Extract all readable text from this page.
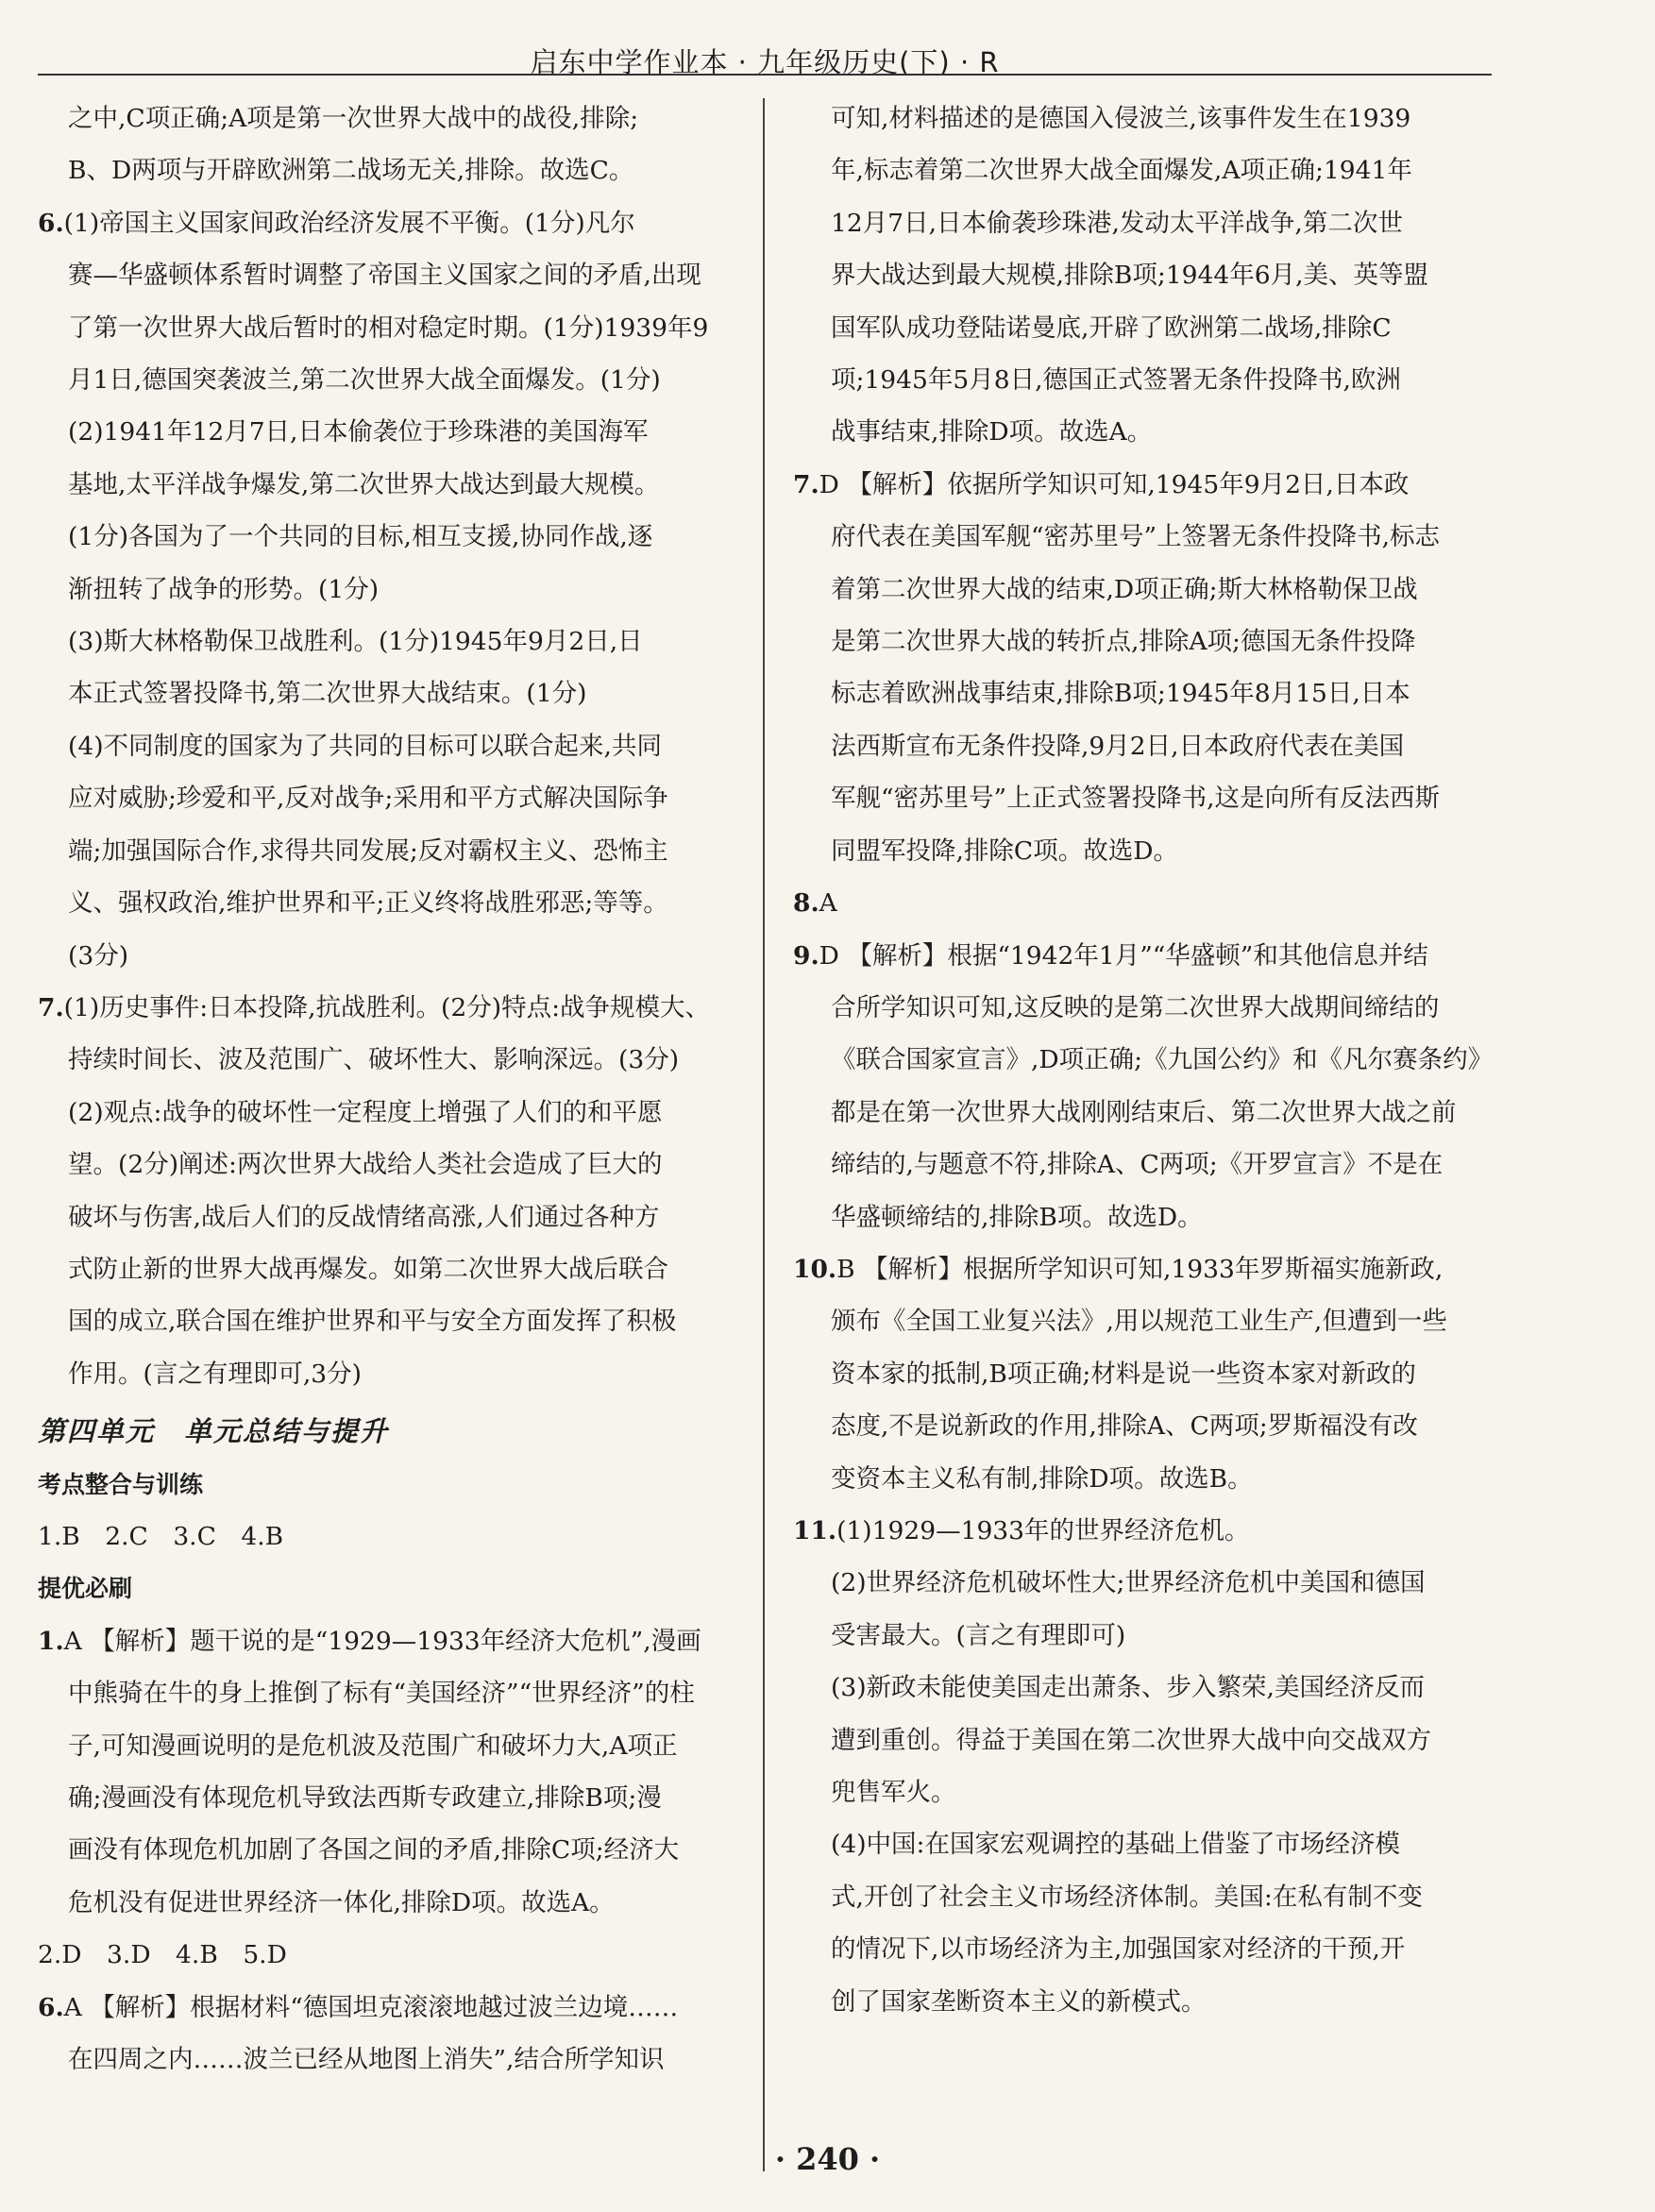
启东中学作业本 · 九年级历史(下) · R
之中,C项正确;A项是第一次世界大战中的战役,排除;
B、D两项与开辟欧洲第二战场无关,排除。故选C。
6.(1)帝国主义国家间政治经济发展不平衡。(1分)凡尔
赛—华盛顿体系暂时调整了帝国主义国家之间的矛盾,出现
了第一次世界大战后暂时的相对稳定时期。(1分)1939年9
月1日,德国突袭波兰,第二次世界大战全面爆发。(1分)
(2)1941年12月7日,日本偷袭位于珍珠港的美国海军
基地,太平洋战争爆发,第二次世界大战达到最大规模。
(1分)各国为了一个共同的目标,相互支援,协同作战,逐
渐扭转了战争的形势。(1分)
(3)斯大林格勒保卫战胜利。(1分)1945年9月2日,日
本正式签署投降书,第二次世界大战结束。(1分)
(4)不同制度的国家为了共同的目标可以联合起来,共同
应对威胁;珍爱和平,反对战争;采用和平方式解决国际争
端;加强国际合作,求得共同发展;反对霸权主义、恐怖主
义、强权政治,维护世界和平;正义终将战胜邪恶;等等。
(3分)
7.(1)历史事件:日本投降,抗战胜利。(2分)特点:战争规模大、
持续时间长、波及范围广、破坏性大、影响深远。(3分)
(2)观点:战争的破坏性一定程度上增强了人们的和平愿
望。(2分)阐述:两次世界大战给人类社会造成了巨大的
破坏与伤害,战后人们的反战情绪高涨,人们通过各种方
式防止新的世界大战再爆发。如第二次世界大战后联合
国的成立,联合国在维护世界和平与安全方面发挥了积极
作用。(言之有理即可,3分)
第四单元　单元总结与提升
考点整合与训练
1.B　2.C　3.C　4.B
提优必刷
1.A 【解析】题干说的是“1929—1933年经济大危机”,漫画
中熊骑在牛的身上推倒了标有“美国经济”“世界经济”的柱
子,可知漫画说明的是危机波及范围广和破坏力大,A项正
确;漫画没有体现危机导致法西斯专政建立,排除B项;漫
画没有体现危机加剧了各国之间的矛盾,排除C项;经济大
危机没有促进世界经济一体化,排除D项。故选A。
2.D　3.D　4.B　5.D
6.A 【解析】根据材料“德国坦克滚滚地越过波兰边境……
在四周之内……波兰已经从地图上消失”,结合所学知识
可知,材料描述的是德国入侵波兰,该事件发生在1939
年,标志着第二次世界大战全面爆发,A项正确;1941年
12月7日,日本偷袭珍珠港,发动太平洋战争,第二次世
界大战达到最大规模,排除B项;1944年6月,美、英等盟
国军队成功登陆诺曼底,开辟了欧洲第二战场,排除C
项;1945年5月8日,德国正式签署无条件投降书,欧洲
战事结束,排除D项。故选A。
7.D 【解析】依据所学知识可知,1945年9月2日,日本政
府代表在美国军舰“密苏里号”上签署无条件投降书,标志
着第二次世界大战的结束,D项正确;斯大林格勒保卫战
是第二次世界大战的转折点,排除A项;德国无条件投降
标志着欧洲战事结束,排除B项;1945年8月15日,日本
法西斯宣布无条件投降,9月2日,日本政府代表在美国
军舰“密苏里号”上正式签署投降书,这是向所有反法西斯
同盟军投降,排除C项。故选D。
8.A
9.D 【解析】根据“1942年1月”“华盛顿”和其他信息并结
合所学知识可知,这反映的是第二次世界大战期间缔结的
《联合国家宣言》,D项正确;《九国公约》和《凡尔赛条约》
都是在第一次世界大战刚刚结束后、第二次世界大战之前
缔结的,与题意不符,排除A、C两项;《开罗宣言》不是在
华盛顿缔结的,排除B项。故选D。
10.B 【解析】根据所学知识可知,1933年罗斯福实施新政,
颁布《全国工业复兴法》,用以规范工业生产,但遭到一些
资本家的抵制,B项正确;材料是说一些资本家对新政的
态度,不是说新政的作用,排除A、C两项;罗斯福没有改
变资本主义私有制,排除D项。故选B。
11.(1)1929—1933年的世界经济危机。
(2)世界经济危机破坏性大;世界经济危机中美国和德国
受害最大。(言之有理即可)
(3)新政未能使美国走出萧条、步入繁荣,美国经济反而
遭到重创。得益于美国在第二次世界大战中向交战双方
兜售军火。
(4)中国:在国家宏观调控的基础上借鉴了市场经济模
式,开创了社会主义市场经济体制。美国:在私有制不变
的情况下,以市场经济为主,加强国家对经济的干预,开
创了国家垄断资本主义的新模式。
· 240 ·
